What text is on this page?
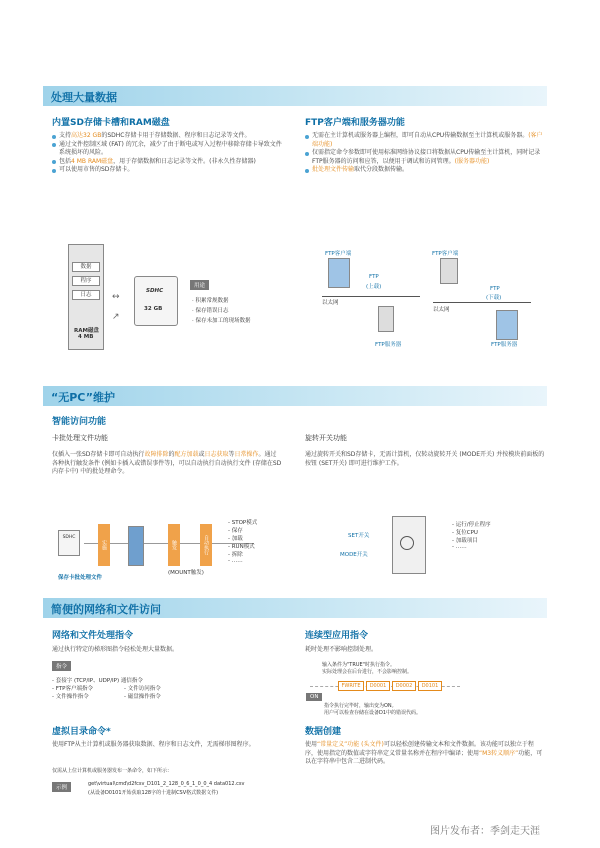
处理大量数据
内置SD存储卡槽和RAM磁盘
支持高达32 GB的SDHC存储卡用于存储数据、程序和日志记录等文件。
通过文件控制区域 (FAT) 的冗余，减少了由于断电或写入过程中移除存储卡导致文件系统损坏的风险。
包括4 MB RAM磁盘，用于存储数据和日志记录等文件。(非永久性存储器)
可以使用市售的SD存储卡。
FTP客户端和服务器功能
无需在主计算机或服务器上编程，即可自动从CPU传输数据至主计算机或服务器。(客户端功能)
仅需指定命令参数即可使用标准网络协议接口将数据从CPU传输至主计算机，同时记录FTP服务器的访问和应答，以便用于调试和访问管理。(服务器功能)
批处理文件传输取代分段数据传输。
数据
程序
日志
RAM磁盘
4 MB
↔
↗
SDHC
32 GB
用途
· 积累常规数据
· 保存错误日志
· 保存未加工的现场数据
FTP客户端
FTP
(上载)
以太网
FTP服务器
FTP客户端
FTP
(下载)
以太网
FTP服务器
“无PC”维护
智能访问功能
卡批处理文件功能
仅插入一张SD存储卡即可自动执行故障排除的配方加载或日志获取等日常操作。通过各种执行触发条件 (例如卡插入或错误事件等)，可以自动执行自动执行文件 (存储在SD内存卡中) 中的批处理命令。
旋转开关功能
通过旋转开关和SD存储卡，无需计算机，仅转动旋转开关 (MODE开关) 并按模块前面板的按钮 (SET开关) 即可进行维护工作。
SDHC
实施	触发	自动执行
(MOUNT触发)
保存卡批处理文件
- STOP模式
- 保存
- 加载
- RUN模式
- 拆除
- ……
SET开关
MODE开关
- 运行/停止程序
- 复位CPU
- 加载项目
- ……
简便的网络和文件访问
网络和文件处理指令
通过执行特定的梯形图指令轻松处理大量数据。
指令
- 套接字 (TCP/IP、UDP/IP) 通信指令
- FTP客户端指令
- 文件操作指令
- 文件访问指令
- 磁盘操作指令
虚拟目录命令*
使用FTP从主计算机或服务器获取数据、程序和日志文件，无需梯形图程序。
仅需从上位计算机或服务器发布一条命令，如下所示：
示例
get\virtual\cmd\d2fcsv_D101_2_128_0_6_1_0_0_4 data012.csv
(从设备D0101开始获取128字的十进制CSV格式数据文件)
连续型应用指令
耗时处理不影响控制处理。
输入条件为"TRUE"时执行指令。
实际处理会在后台进行，不会影响控制。
FWRITE	D0001	D0002	D0101
ON
指令执行完毕时，输出变为ON。
用户可以检查存储在设备D1中的错误代码。
数据创建
使用“常量定义”功能 (头文件)可以轻松创建传输文本和文件数据。该功能可以独立于程序，使用指定的数值或字符串定义常量名称并在程序中编译；使用“M3转义顺序”功能，可以在字符串中包含二进制代码。
图片发布者：季剑走天涯
